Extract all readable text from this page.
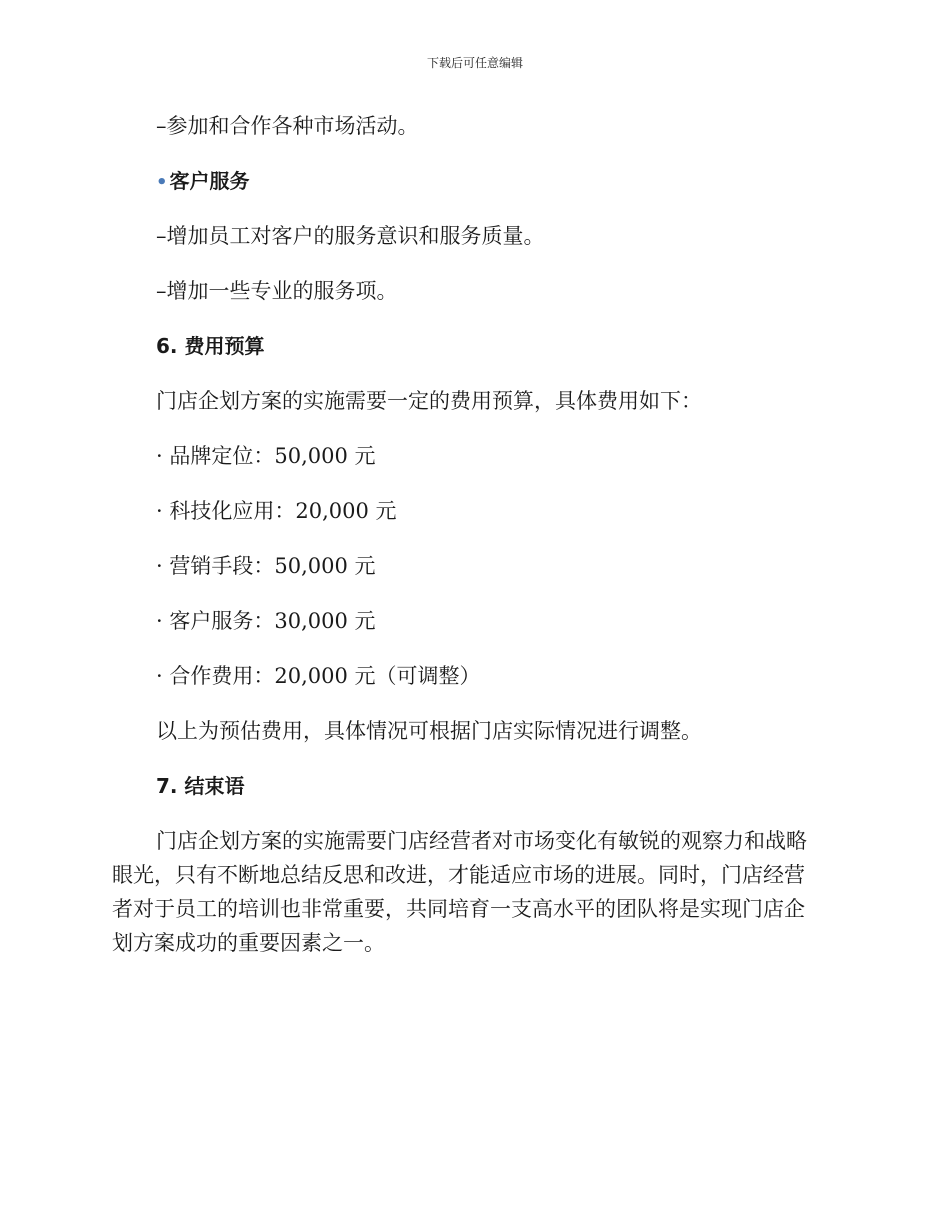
下载后可任意编辑
–参加和合作各种市场活动。
• 客户服务
–增加员工对客户的服务意识和服务质量。
–增加一些专业的服务项。
6. 费用预算
门店企划方案的实施需要一定的费用预算，具体费用如下：
· 品牌定位：50,000 元
· 科技化应用：20,000 元
· 营销手段：50,000 元
· 客户服务：30,000 元
· 合作费用：20,000 元（可调整）
以上为预估费用，具体情况可根据门店实际情况进行调整。
7. 结束语
门店企划方案的实施需要门店经营者对市场变化有敏锐的观察力和战略
眼光，只有不断地总结反思和改进，才能适应市场的进展。同时，门店经营
者对于员工的培训也非常重要，共同培育一支高水平的团队将是实现门店企
划方案成功的重要因素之一。
